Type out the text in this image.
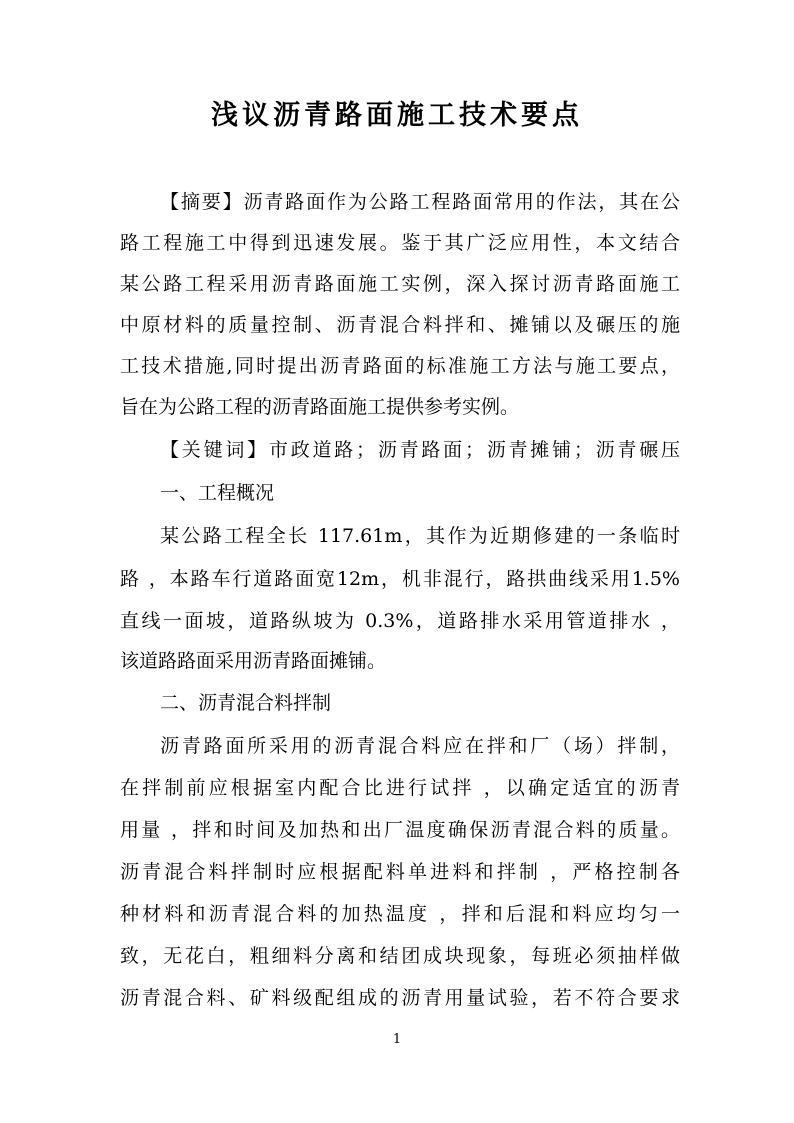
浅议沥青路面施工技术要点

【摘要】沥青路面作为公路工程路面常用的作法，其在公

路工程施工中得到迅速发展。鉴于其广泛应用性，本文结合

某公路工程采用沥青路面施工实例，深入探讨沥青路面施工

中原材料的质量控制、沥青混合料拌和、摊铺以及碾压的施

工技术措施,同时提出沥青路面的标准施工方法与施工要点，

旨在为公路工程的沥青路面施工提供参考实例。

【关键词】市政道路；沥青路面；沥青摊铺；沥青碾压

一、工程概况

某公路工程全长 117.61m，其作为近期修建的一条临时

路 ，本路车行道路面宽12m，机非混行，路拱曲线采用1.5%

直线一面坡，道路纵坡为 0.3%，道路排水采用管道排水 ，

该道路路面采用沥青路面摊铺。

二、沥青混合料拌制

沥青路面所采用的沥青混合料应在拌和厂（场）拌制，

在拌制前应根据室内配合比进行试拌 ，以确定适宜的沥青

用量 ，拌和时间及加热和出厂温度确保沥青混合料的质量。

沥青混合料拌制时应根据配料单进料和拌制 ，严格控制各

种材料和沥青混合料的加热温度 ，拌和后混和料应均匀一

致，无花白，粗细料分离和结团成块现象，每班必须抽样做

沥青混合料、矿料级配组成的沥青用量试验，若不符合要求

1
